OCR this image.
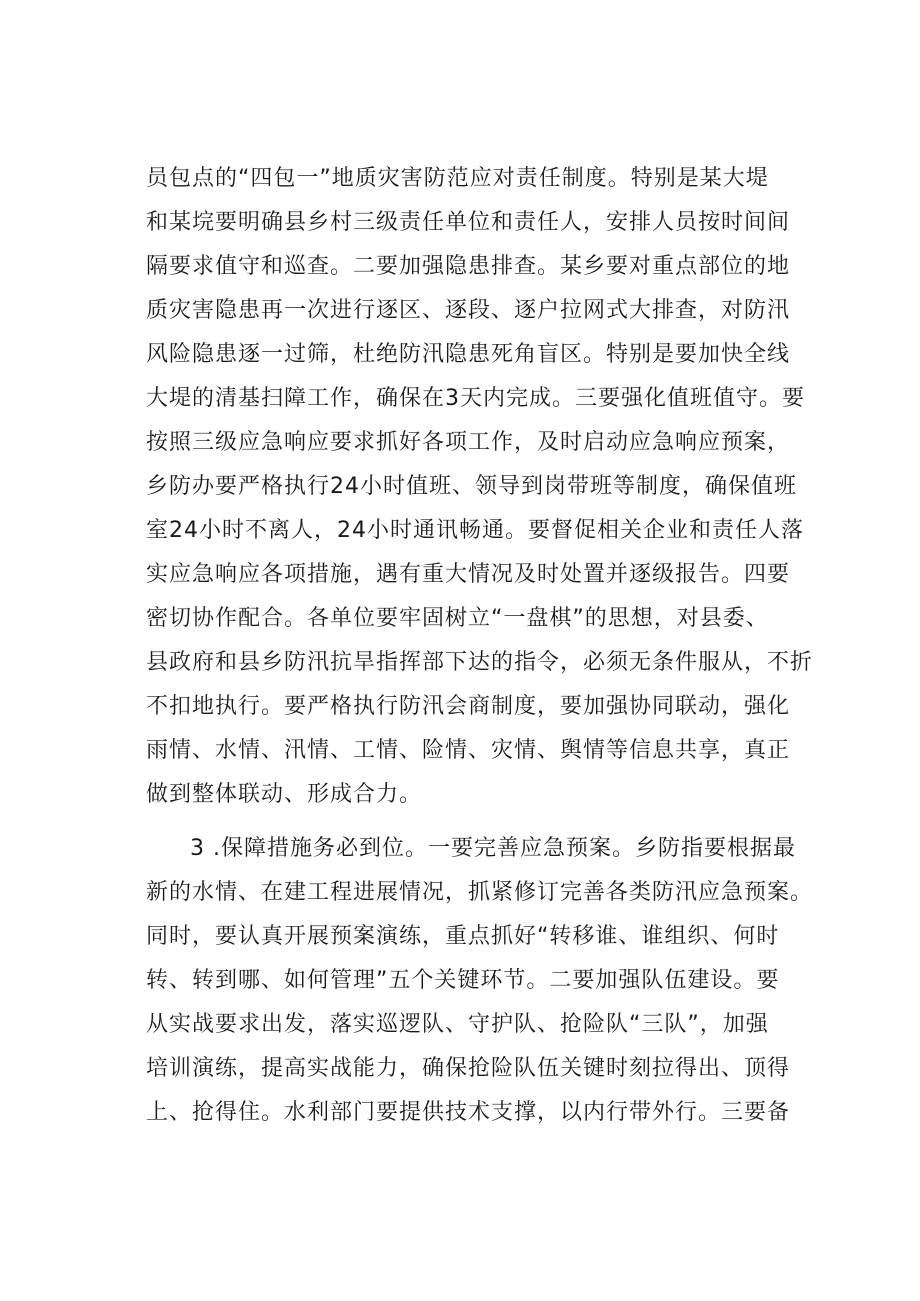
员包点的“四包一”地质灾害防范应对责任制度。特别是某大堤
和某垸要明确县乡村三级责任单位和责任人，安排人员按时间间
隔要求值守和巡查。二要加强隐患排查。某乡要对重点部位的地
质灾害隐患再一次进行逐区、逐段、逐户拉网式大排查，对防汛
风险隐患逐一过筛，杜绝防汛隐患死角盲区。特别是要加快全线
大堤的清基扫障工作，确保在3天内完成。三要强化值班值守。要
按照三级应急响应要求抓好各项工作，及时启动应急响应预案，
乡防办要严格执行24小时值班、领导到岗带班等制度，确保值班
室24小时不离人，24小时通讯畅通。要督促相关企业和责任人落
实应急响应各项措施，遇有重大情况及时处置并逐级报告。四要
密切协作配合。各单位要牢固树立“一盘棋”的思想，对县委、
县政府和县乡防汛抗旱指挥部下达的指令，必须无条件服从，不折
不扣地执行。要严格执行防汛会商制度，要加强协同联动，强化
雨情、水情、汛情、工情、险情、灾情、舆情等信息共享，真正
做到整体联动、形成合力。
3 .保障措施务必到位。一要完善应急预案。乡防指要根据最
新的水情、在建工程进展情况，抓紧修订完善各类防汛应急预案。
同时，要认真开展预案演练，重点抓好“转移谁、谁组织、何时
转、转到哪、如何管理”五个关键环节。二要加强队伍建设。要
从实战要求出发，落实巡逻队、守护队、抢险队“三队”，加强
培训演练，提高实战能力，确保抢险队伍关键时刻拉得出、顶得
上、抢得住。水利部门要提供技术支撑，以内行带外行。三要备
